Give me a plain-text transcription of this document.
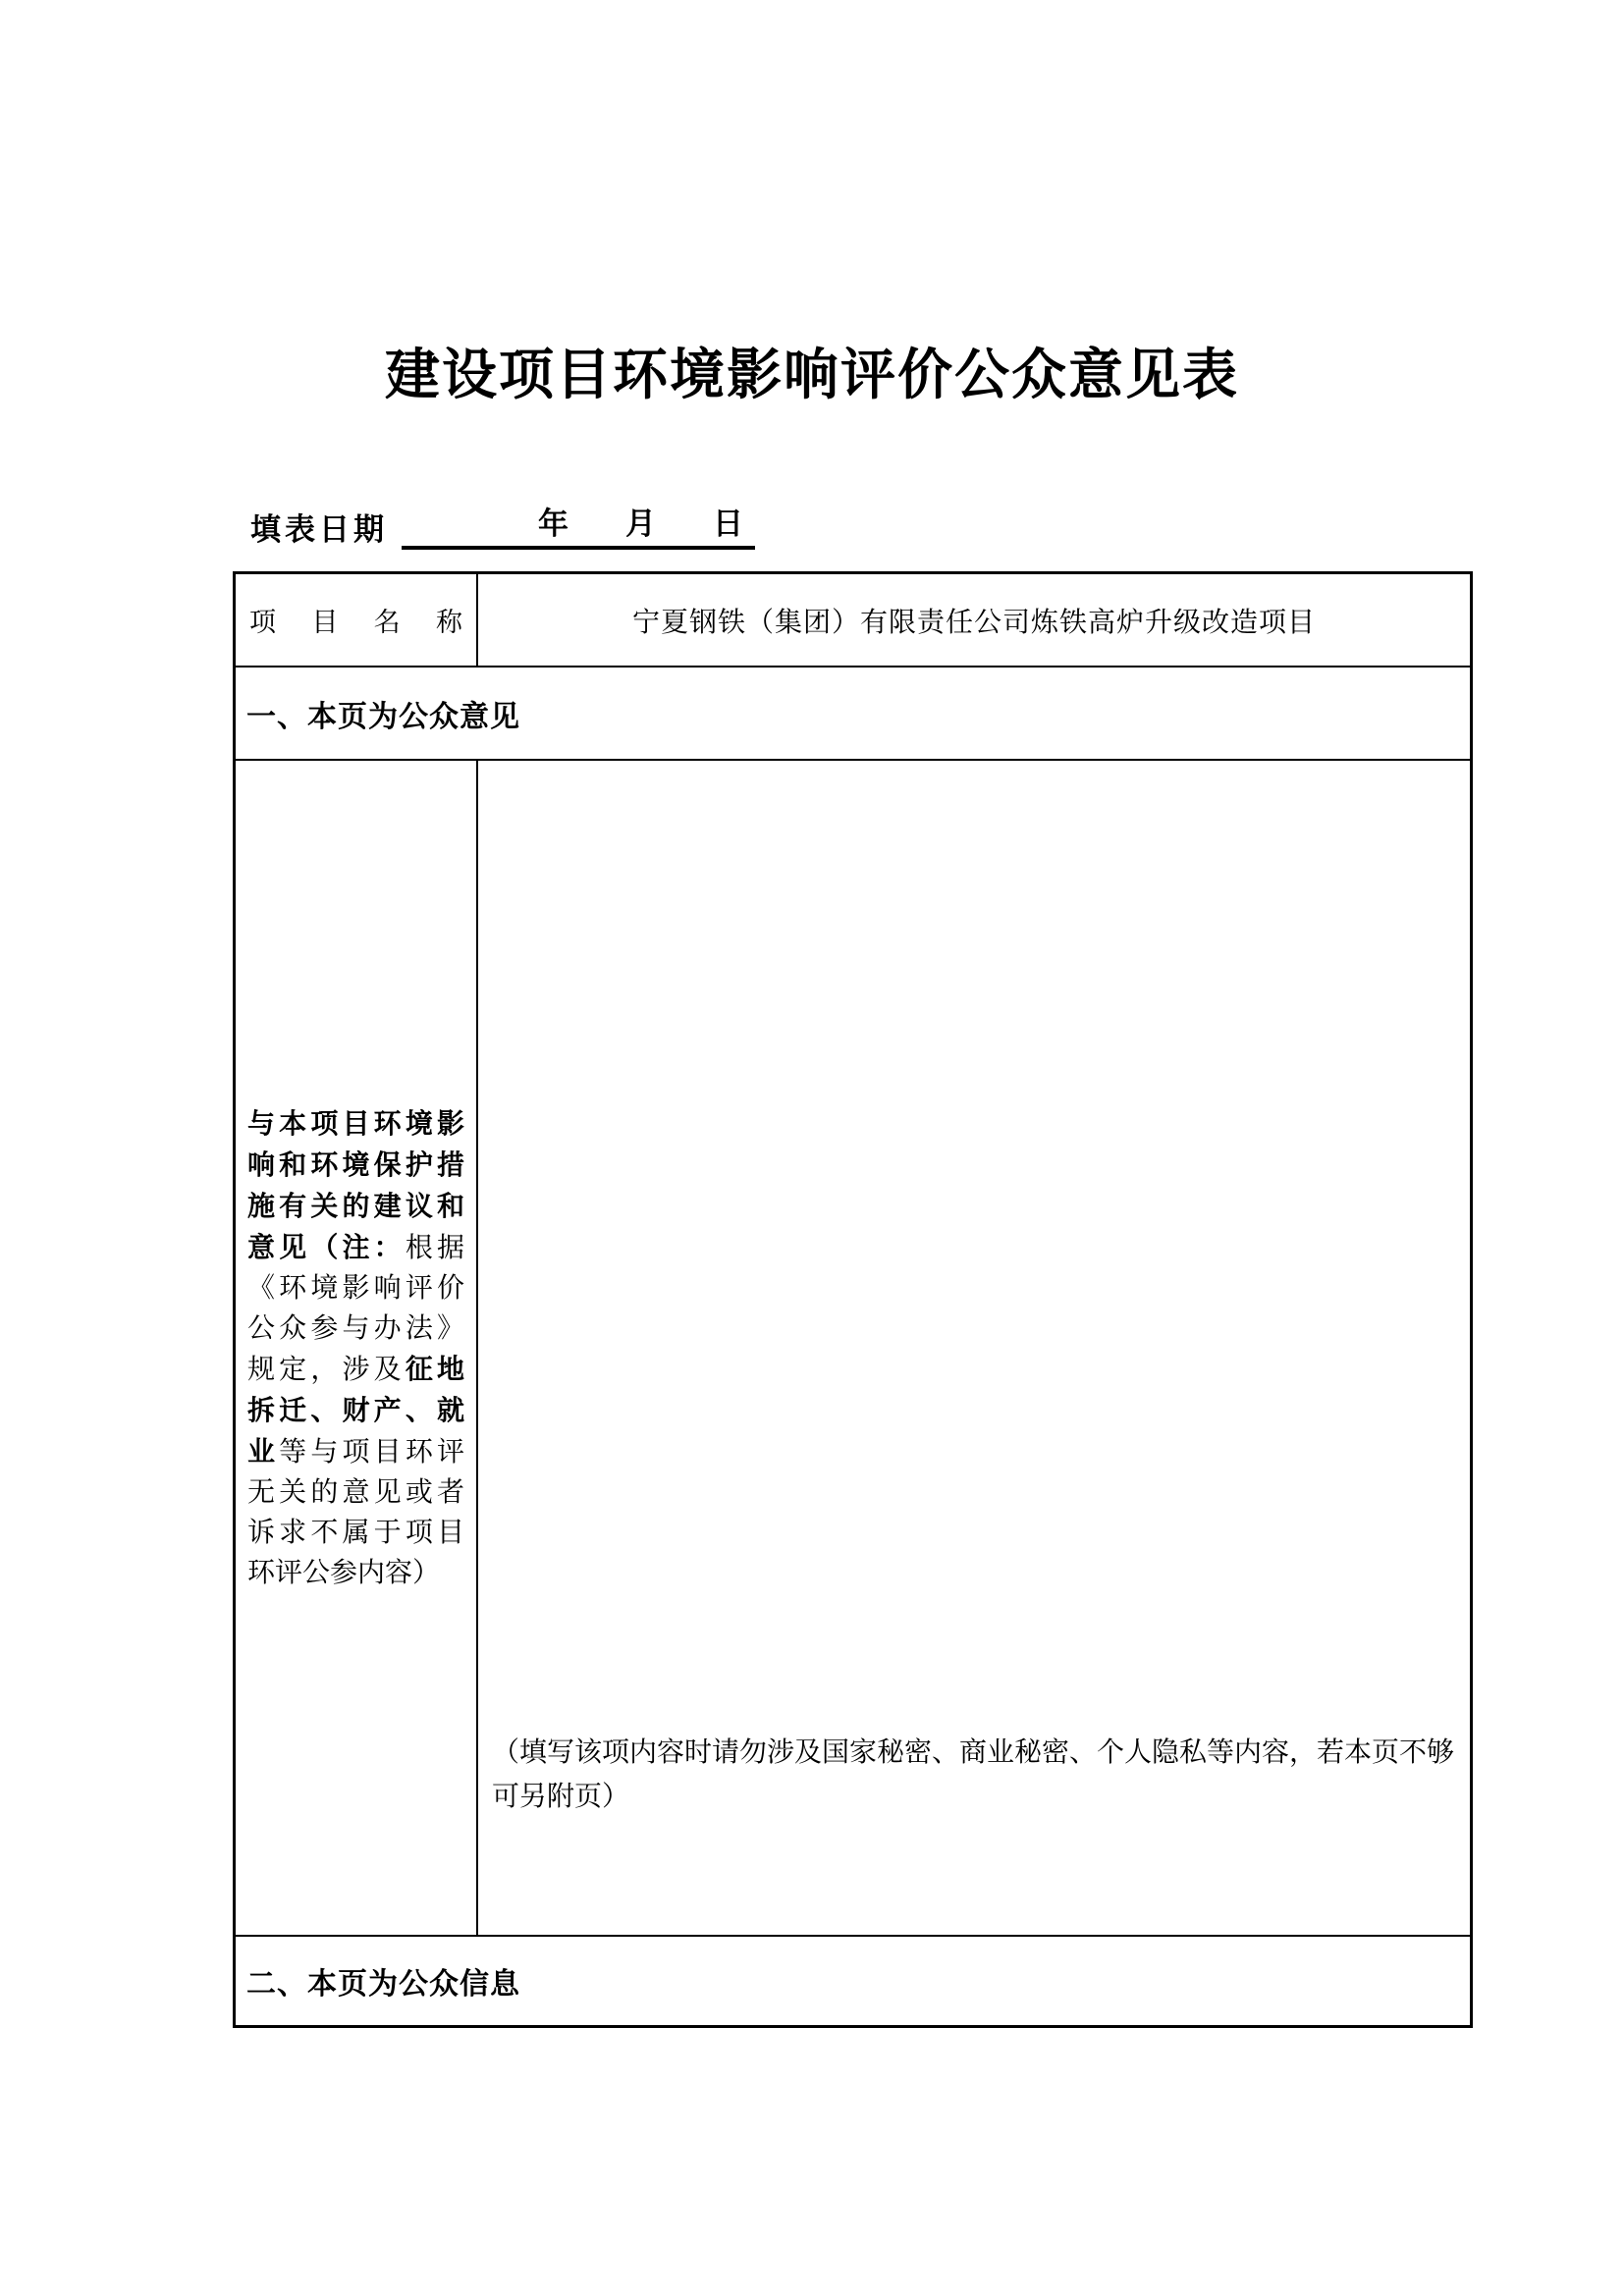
建设项目环境影响评价公众意见表
填表日期	年 月 日
项目名称	宁夏钢铁（集团）有限责任公司炼铁高炉升级改造项目
一、本页为公众意见
与本项目环境影响和环境保护措施有关的建议和意见（注：根据《环境影响评价公众参与办法》规定，涉及征地拆迁、财产、就业等与项目环评无关的意见或者诉求不属于项目环评公参内容）
（填写该项内容时请勿涉及国家秘密、商业秘密、个人隐私等内容，若本页不够可另附页）
二、本页为公众信息
